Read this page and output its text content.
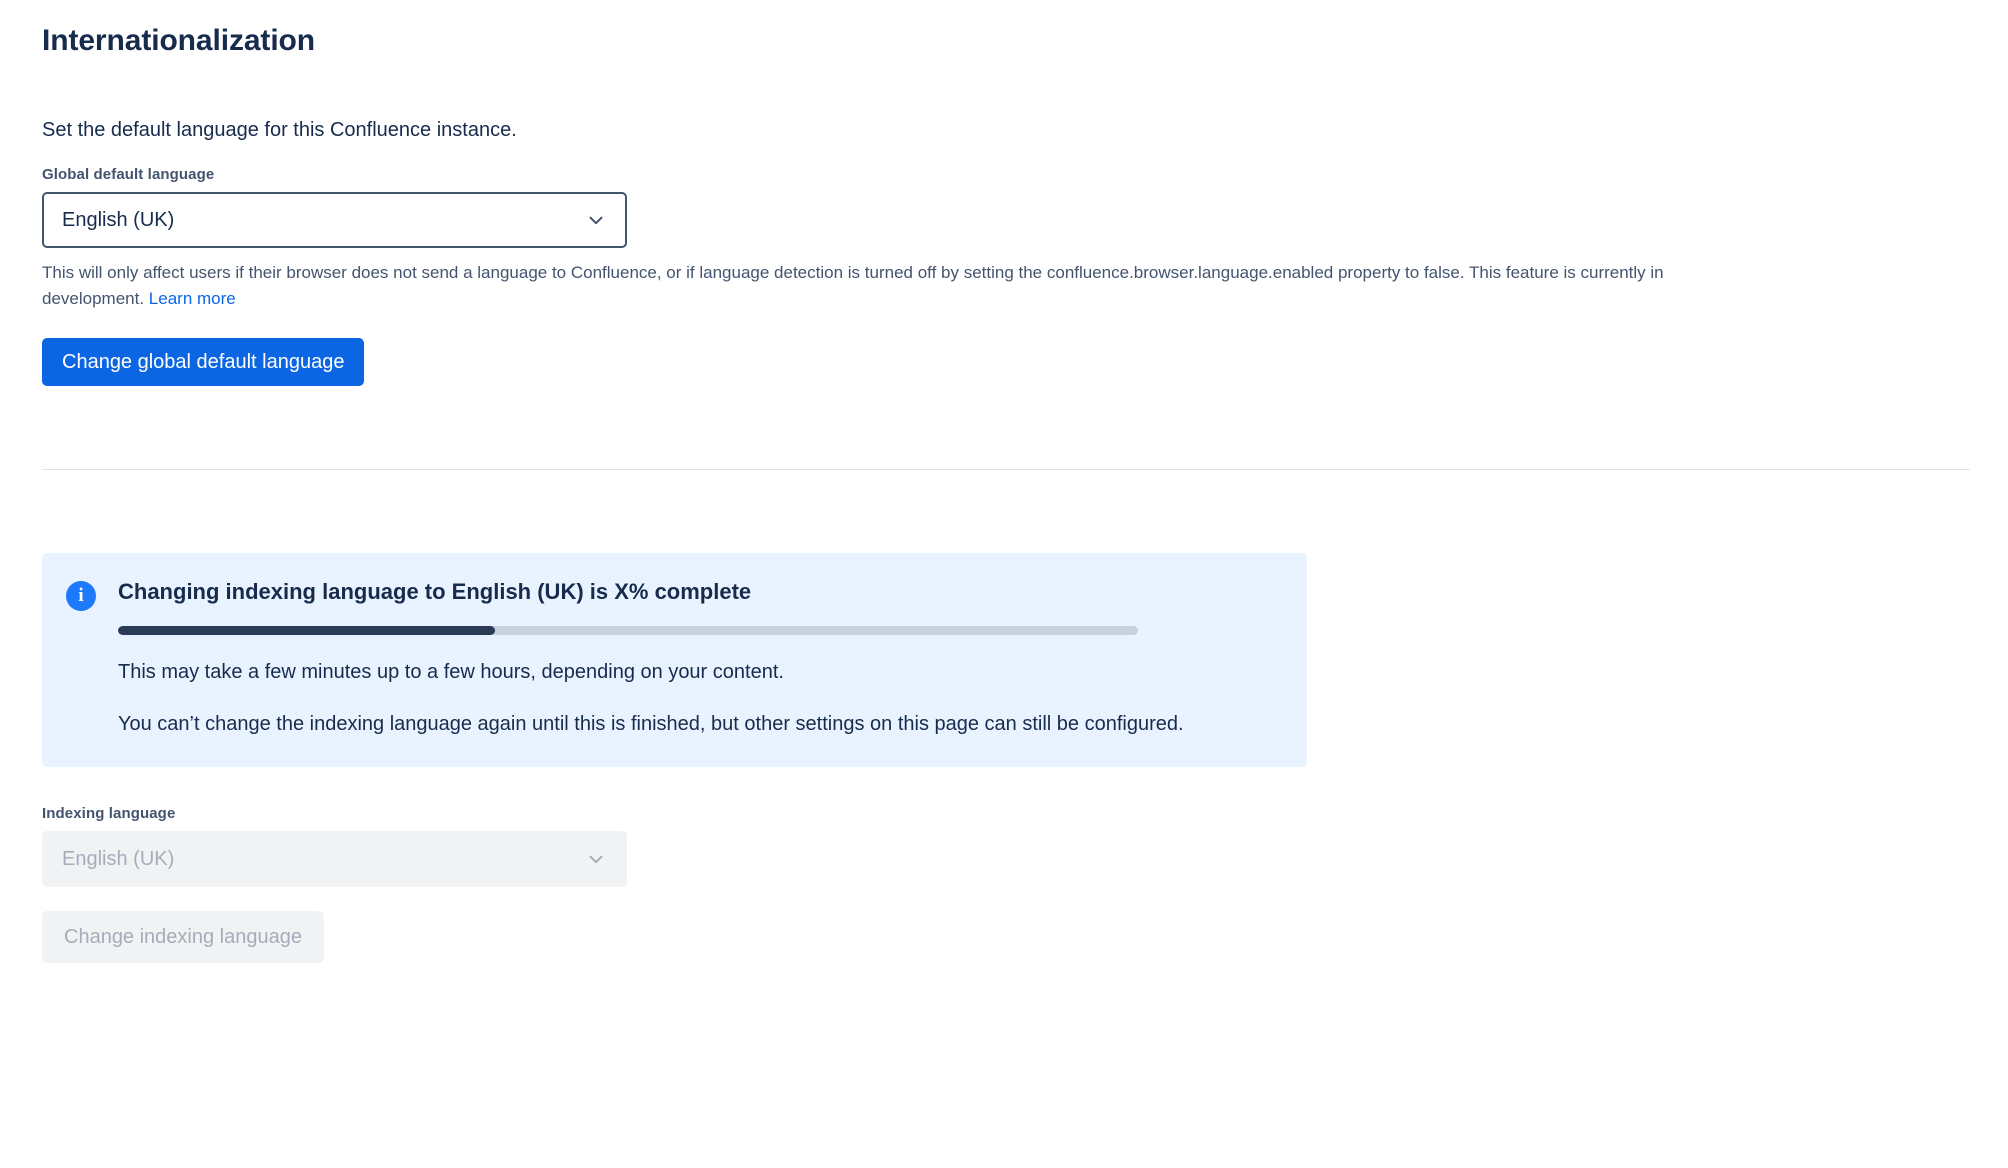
Internationalization
Set the default language for this Confluence instance.
Global default language
English (UK)
This will only affect users if their browser does not send a language to Confluence, or if language detection is turned off by setting the confluence.browser.language.enabled property to false. This feature is currently in development. Learn more
Change global default language
i	Changing indexing language to English (UK) is X% complete

This may take a few minutes up to a few hours, depending on your content.

You can’t change the indexing language again until this is finished, but other settings on this page can still be configured.

Indexing language
English (UK)
Change indexing language
